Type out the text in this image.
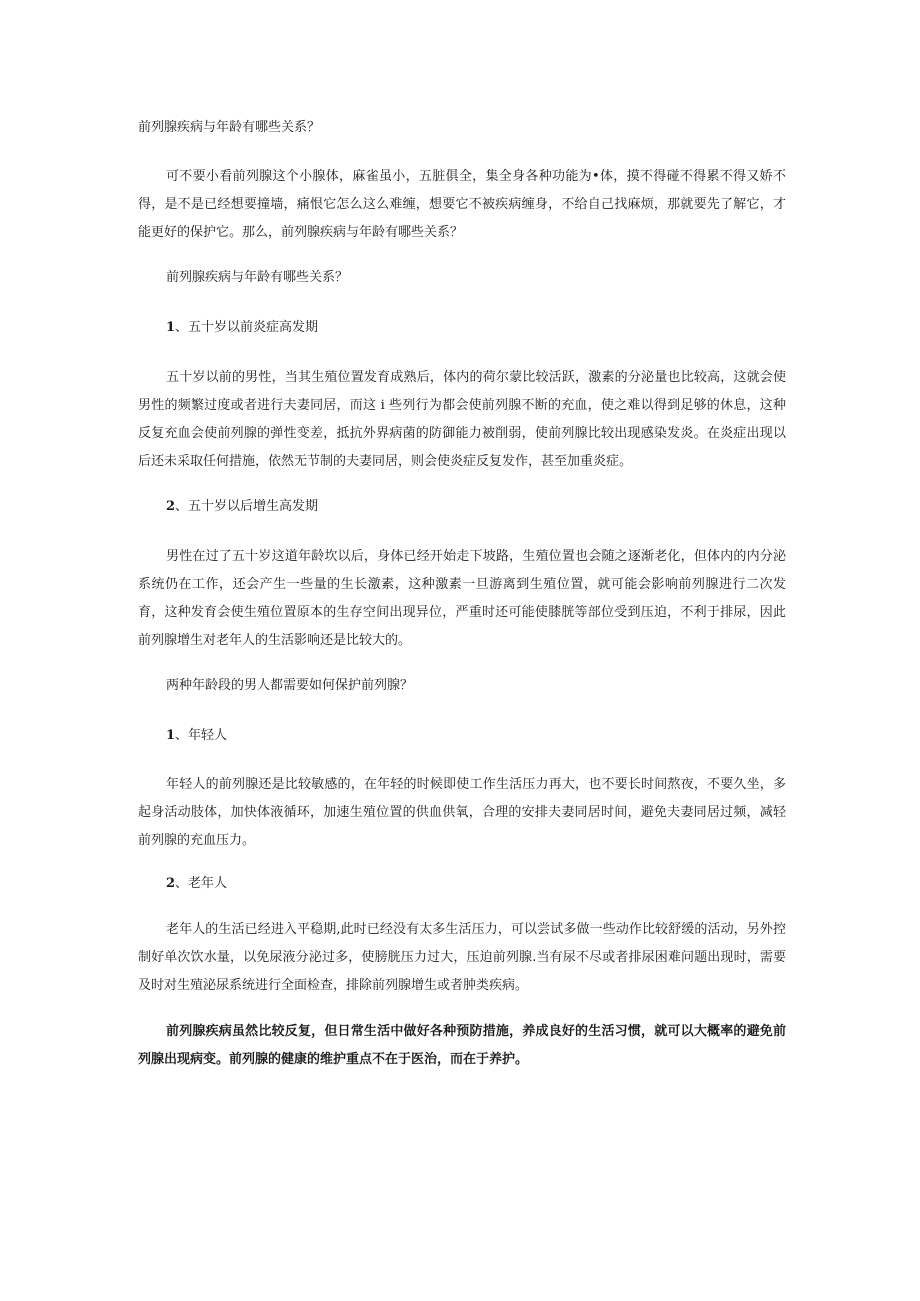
前列腺疾病与年龄有哪些关系？

可不要小看前列腺这个小腺体，麻雀虽小，五脏俱全，集全身各种功能为•体，摸不得碰不得累不得又娇不得，是不是已经想要撞墙，痛恨它怎么这么难缠，想要它不被疾病缠身，不给自己找麻烦，那就要先了解它，才能更好的保护它。那么，前列腺疾病与年龄有哪些关系？

前列腺疾病与年龄有哪些关系？

1、五十岁以前炎症高发期

五十岁以前的男性，当其生殖位置发育成熟后，体内的荷尔蒙比较活跃，激素的分泌量也比较高，这就会使男性的频繁过度或者进行夫妻同居，而这 i 些列行为都会使前列腺不断的充血，使之难以得到足够的休息，这种反复充血会使前列腺的弹性变差，抵抗外界病菌的防御能力被削弱，使前列腺比较出现感染发炎。在炎症出现以后还未采取任何措施，依然无节制的夫妻同居，则会使炎症反复发作，甚至加重炎症。

2、五十岁以后增生高发期

男性在过了五十岁这道年龄坎以后，身体已经开始走下坡路，生殖位置也会随之逐渐老化，但体内的内分泌系统仍在工作，还会产生一些量的生长激素，这种激素一旦游离到生殖位置，就可能会影响前列腺进行二次发育，这种发育会使生殖位置原本的生存空间出现异位，严重时还可能使膝胱等部位受到压迫，不利于排尿，因此前列腺增生对老年人的生活影响还是比较大的。

两种年龄段的男人都需要如何保护前列腺？

1、年轻人

年轻人的前列腺还是比较敏感的，在年轻的时候即使工作生活压力再大，也不要长时间熬夜，不要久坐，多起身活动肢体，加快体液循环，加速生殖位置的供血供氧，合理的安排夫妻同居时间，避免夫妻同居过频，减轻前列腺的充血压力。

2、老年人

老年人的生活已经进入平稳期,此时已经没有太多生活压力，可以尝试多做一些动作比较舒缓的活动，另外控制好单次饮水量，以免尿液分泌过多，使膀胱压力过大，压迫前列腺.当有尿不尽或者排尿困难问题出现时，需要及时对生殖泌尿系统进行全面检查，排除前列腺增生或者肿类疾病。

前列腺疾病虽然比较反复，但日常生活中做好各种预防措施，养成良好的生活习惯，就可以大概率的避免前列腺出现病变。前列腺的健康的维护重点不在于医治，而在于养护。
